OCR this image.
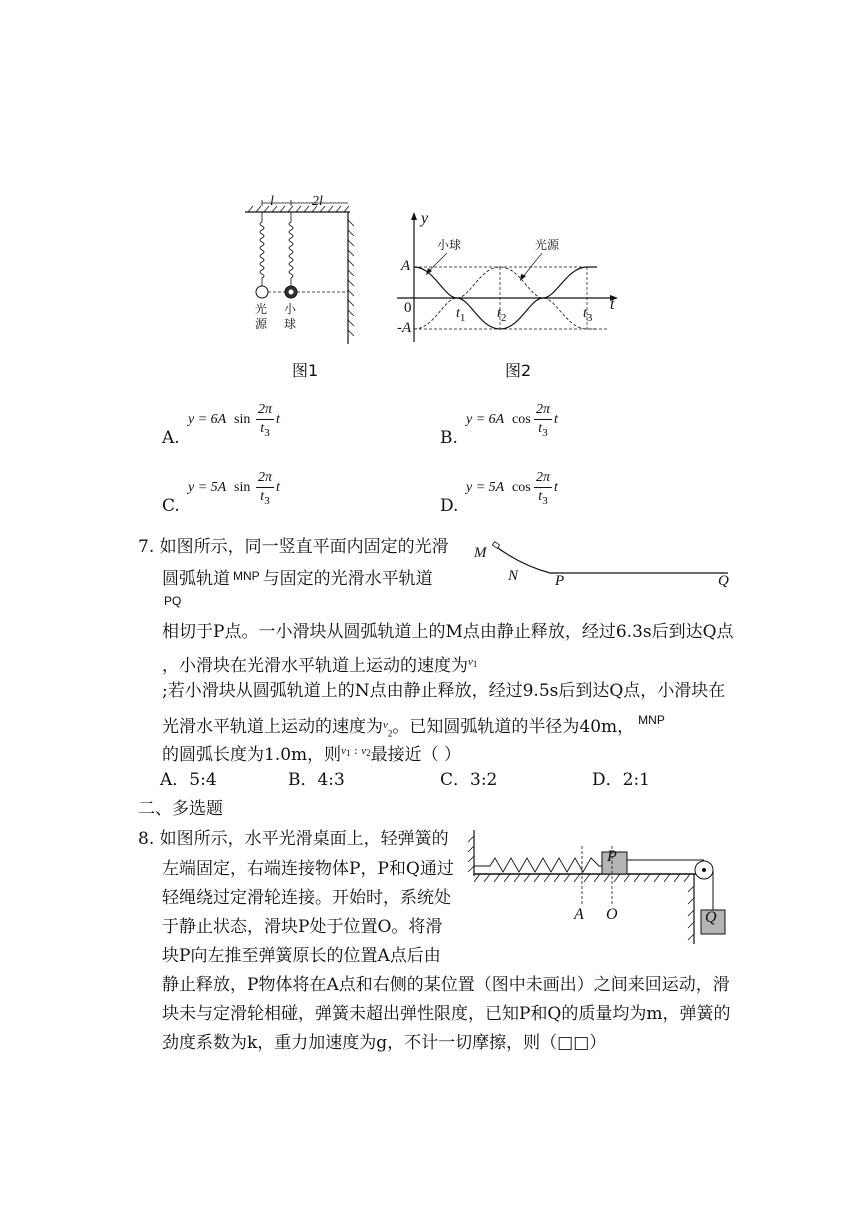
l	2l
光
源
小
球
图1
y
t
A
-A
0	$t_1$ $t_2$	$t_3$
小球	光源
图2
A.
y = 6A sin
2π
$t_3$
t
B.
y = 6A cos
2π
$t_3$
t
C.
y = 5A sin
2π
$t_3$
t
D.
y = 5A cos
2π
$t_3$
t
7. 如图所示，同一竖直平面内固定的光滑
圆弧轨道 $^{MNP}$ 与固定的光滑水平轨道
PQ
相切于P点。一小滑块从圆弧轨道上的M点由静止释放，经过6.3s后到达Q点
，小滑块在光滑水平轨道上运动的速度为$^v_1$
;若小滑块从圆弧轨道上的N点由静止释放，经过9.5s后到达Q点，小滑块在
光滑水平轨道上运动的速度为$^v_2$。已知圆弧轨道的半径为40m， $^{MNP}$
的圆弧长度为1.0m，则$^v_1$ : $^v_2$最接近（ ）
M
N P	Q
A．5:4	B．4:3	C．3:2	D．2:1
二、多选题
8. 如图所示，水平光滑桌面上，轻弹簧的
左端固定，右端连接物体P，P和Q通过
轻绳绕过定滑轮连接。开始时，系统处
于静止状态，滑块P处于位置O。将滑
块P向左推至弹簧原长的位置A点后由
静止释放，P物体将在A点和右侧的某位置（图中未画出）之间来回运动，滑
块未与定滑轮相碰，弹簧未超出弹性限度，已知P和Q的质量均为m，弹簧的
劲度系数为k，重力加速度为g，不计一切摩擦，则（□□）
P
Q
A O
